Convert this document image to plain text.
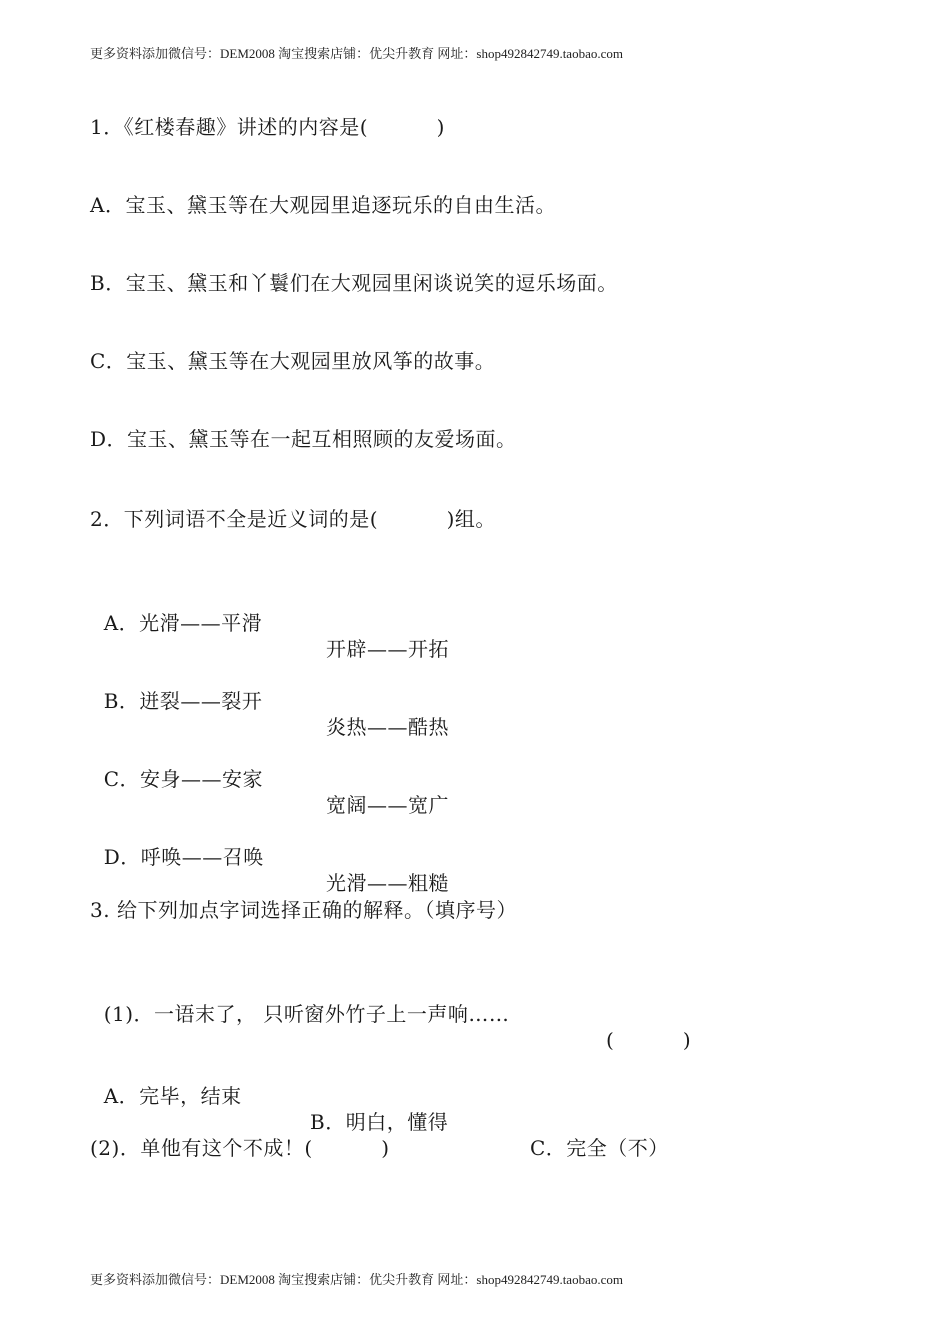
更多资料添加微信号：DEM2008 淘宝搜索店铺：优尖升教育 网址：shop492842749.taobao.com
1．《红楼春趣》讲述的内容是(          )
A．宝玉、黛玉等在大观园里追逐玩乐的自由生活。
B．宝玉、黛玉和丫鬟们在大观园里闲谈说笑的逗乐场面。
C．宝玉、黛玉等在大观园里放风筝的故事。
D．宝玉、黛玉等在一起互相照顾的友爱场面。
2．下列词语不全是近义词的是(          )组。

A．光滑——平滑

开辟——开拓

B．迸裂——裂开

炎热——酷热

C．安身——安家

宽阔——宽广

D．呼唤——召唤

光滑——粗糙

3. 给下列加点字词选择正确的解释。（填序号）

(1)．一语末了， 只听窗外竹子上一声响……

(          )

A．完毕，结束

B．明白，懂得

C．完全（不）

(2)．单他有这个不成！(          )
更多资料添加微信号：DEM2008 淘宝搜索店铺：优尖升教育 网址：shop492842749.taobao.com
